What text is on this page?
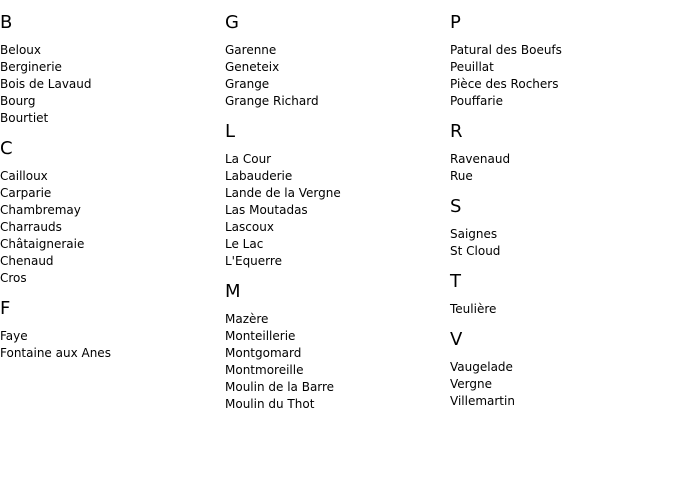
B
Beloux
Berginerie
Bois de Lavaud
Bourg
Bourtiet
C
Cailloux
Carparie
Chambremay
Charrauds
Châtaigneraie
Chenaud
Cros
F
Faye
Fontaine aux Anes
G
Garenne
Geneteix
Grange
Grange Richard
L
La Cour
Labauderie
Lande de la Vergne
Las Moutadas
Lascoux
Le Lac
L'Equerre
M
Mazère
Monteillerie
Montgomard
Montmoreille
Moulin de la Barre
Moulin du Thot
P
Patural des Boeufs
Peuillat
Pièce des Rochers
Pouffarie
R
Ravenaud
Rue
S
Saignes
St Cloud
T
Teulière
V
Vaugelade
Vergne
Villemartin
